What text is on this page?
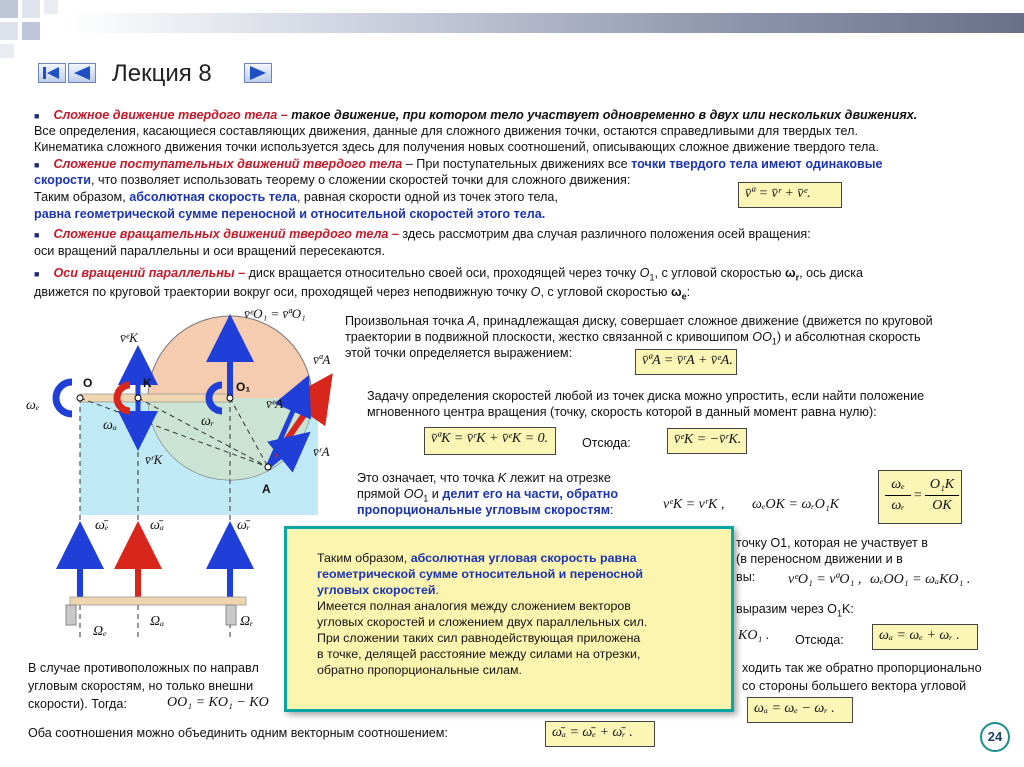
Лекция 8
■ Сложное движение твердого тела – такое движение, при котором тело участвует одновременно в двух или нескольких движениях.
Все определения, касающиеся составляющих движения, данные для сложного движения точки, остаются справедливыми для твердых тел.
Кинематика сложного движения точки используется здесь для получения новых соотношений, описывающих сложное движение твердого тела.
■ Сложение поступательных движений твердого тела – При поступательных движениях все точки твердого тела имеют одинаковые
скорости, что позволяет использовать теорему о сложении скоростей точки для сложного движения:
Таким образом, абсолютная скорость тела, равная скорости одной из точек этого тела,
равна геометрической сумме переносной и относительной скоростей этого тела.
v̄ª = v̄ʳ + v̄ᵉ.
■ Сложение вращательных движений твердого тела – здесь рассмотрим два случая различного положения осей вращения:
оси вращений параллельны и оси вращений пересекаются.
■ Оси вращений параллельны – диск вращается относительно своей оси, проходящей через точку $O_1$, с угловой скоростью $\omega_r$, ось диска
движется по круговой траектории вокруг оси, проходящей через неподвижную точку O, с угловой скоростью $\omega_e$:
O	K	O₁
A
v̄ᵉO₁ = v̄ªO₁
v̄ᵉK
v̄ʳK
v̄ªA
v̄ᵉA
v̄ʳA
ωₑ
ωₐ	ωᵣ
ω̄ₑ	ω̄ₐ	ω̄ᵣ
Ωₑ
Ωₐ	Ωᵣ
Произвольная точка A, принадлежащая диску, совершает сложное движение (движется по круговой
траектории в подвижной плоскости, жестко связанной с кривошипом $OO_1$) и абсолютная скорость
этой точки определяется выражением:	v̄ªA = v̄ʳA + v̄ᵉA.
Задачу определения скоростей любой из точек диска можно упростить, если найти положение
мгновенного центра вращения (точку, скорость которой в данный момент равна нулю):
v̄ªK = v̄ʳK + v̄ᵉK = 0.	Отсюда:	v̄ᵉK = −v̄ʳK.
Это означает, что точка K лежит на отрезке
прямой $OO_1$ и делит его на части, обратно
пропорциональные угловым скоростям:	vᵉK = vʳK , ωₑOK = ωᵣO₁K
ωₑ
ωᵣ
=
O₁K
OK
точку O1, которая не участвует в
(в переносном движении и в
вы: vᵉO₁ = vªO₁ , ωₑOO₁ = ωₐKO₁ .
выразим через $O_1K$:
KO₁ . Отсюда:	ωₐ = ωₑ + ωᵣ .
В случае противоположных по направл	ходить так же обратно пропорционально
угловым скоростям, но только внешни	со стороны большего вектора угловой
скорости). Тогда:	OO₁ = KO₁ − KO	ωₐ = ωₑ − ωᵣ .
Оба соотношения можно объединить одним векторным соотношением:	ω̄ₐ = ω̄ₑ + ω̄ᵣ .
Таким образом, абсолютная угловая скорость равна
геометрической сумме относительной и переносной
угловых скоростей.
Имеется полная аналогия между сложением векторов
угловых скоростей и сложением двух параллельных сил.
При сложении таких сил равнодействующая приложена
в точке, делящей расстояние между силами на отрезки,
обратно пропорциональные силам.
24
